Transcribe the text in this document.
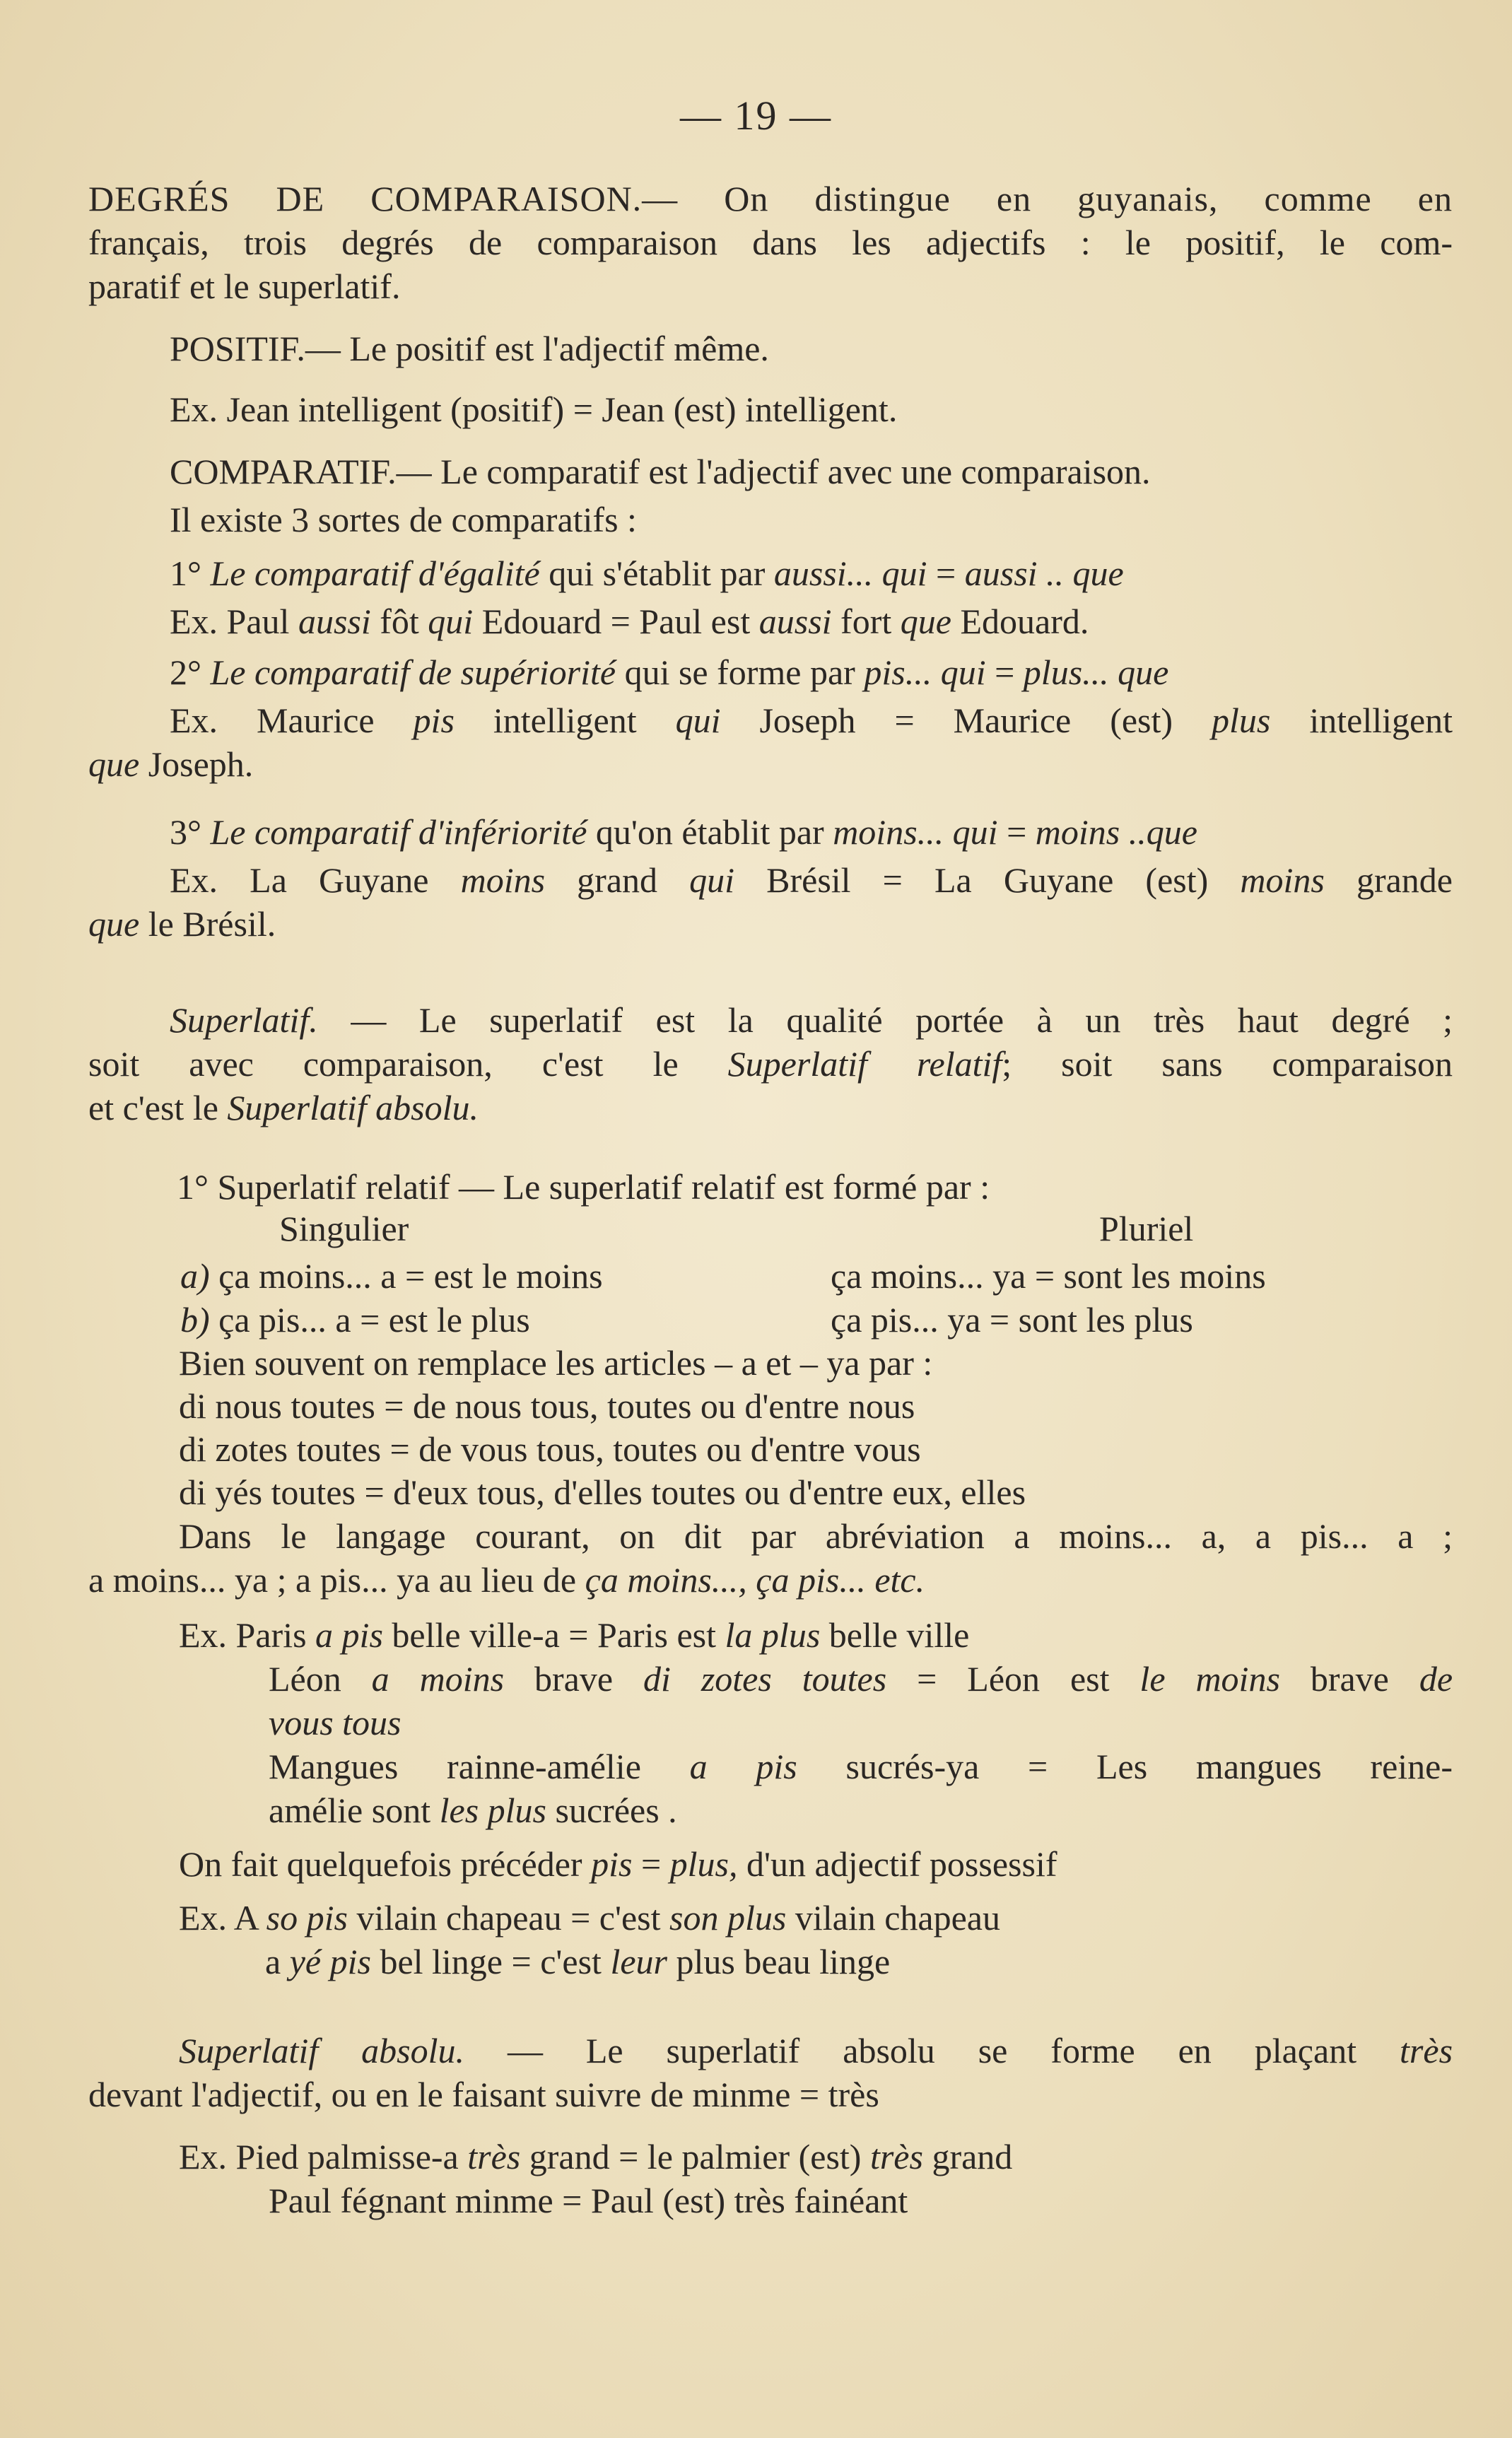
— 19 —

DEGRÉS DE COMPARAISON.— On distingue en guyanais, comme en

français, trois degrés de comparaison dans les adjectifs : le positif, le com-

paratif et le superlatif.

POSITIF.— Le positif est l'adjectif même.

Ex. Jean intelligent (positif) = Jean (est) intelligent.

COMPARATIF.— Le comparatif est l'adjectif avec une comparaison.

Il existe 3 sortes de comparatifs :

1° Le comparatif d'égalité qui s'établit par aussi... qui = aussi .. que

Ex. Paul aussi fôt qui Edouard = Paul est aussi fort que Edouard.

2° Le comparatif de supériorité qui se forme par pis... qui = plus... que

Ex. Maurice pis intelligent qui Joseph = Maurice (est) plus intelligent

que Joseph.

3° Le comparatif d'infériorité qu'on établit par moins... qui = moins ..que

Ex. La Guyane moins grand qui Brésil = La Guyane (est) moins grande

que le Brésil.

Superlatif. — Le superlatif est la qualité portée à un très haut degré ;

soit avec comparaison, c'est le Superlatif relatif; soit sans comparaison

et c'est le Superlatif absolu.

1° Superlatif relatif — Le superlatif relatif est formé par :

Singulier	Pluriel
a) ça moins... a = est le moins	ça moins... ya = sont les moins
b) ça pis... a = est le plus	ça pis... ya = sont les plus

Bien souvent on remplace les articles – a et – ya par :

di nous toutes = de nous tous, toutes ou d'entre nous

di zotes toutes = de vous tous, toutes ou d'entre vous

di yés toutes = d'eux tous, d'elles toutes ou d'entre eux, elles

Dans le langage courant, on dit par abréviation a moins... a, a pis... a ;

a moins... ya ; a pis... ya au lieu de ça moins..., ça pis... etc.

Ex. Paris a pis belle ville-a = Paris est la plus belle ville

Léon a moins brave di zotes toutes = Léon est le moins brave de

vous tous

Mangues rainne-amélie a pis sucrés-ya = Les mangues reine-

amélie sont les plus sucrées .

On fait quelquefois précéder pis = plus, d'un adjectif possessif

Ex. A so pis vilain chapeau = c'est son plus vilain chapeau

a yé pis bel linge = c'est leur plus beau linge

Superlatif absolu. — Le superlatif absolu se forme en plaçant très

devant l'adjectif, ou en le faisant suivre de minme = très

Ex. Pied palmisse-a très grand = le palmier (est) très grand

Paul fégnant minme = Paul (est) très fainéant
